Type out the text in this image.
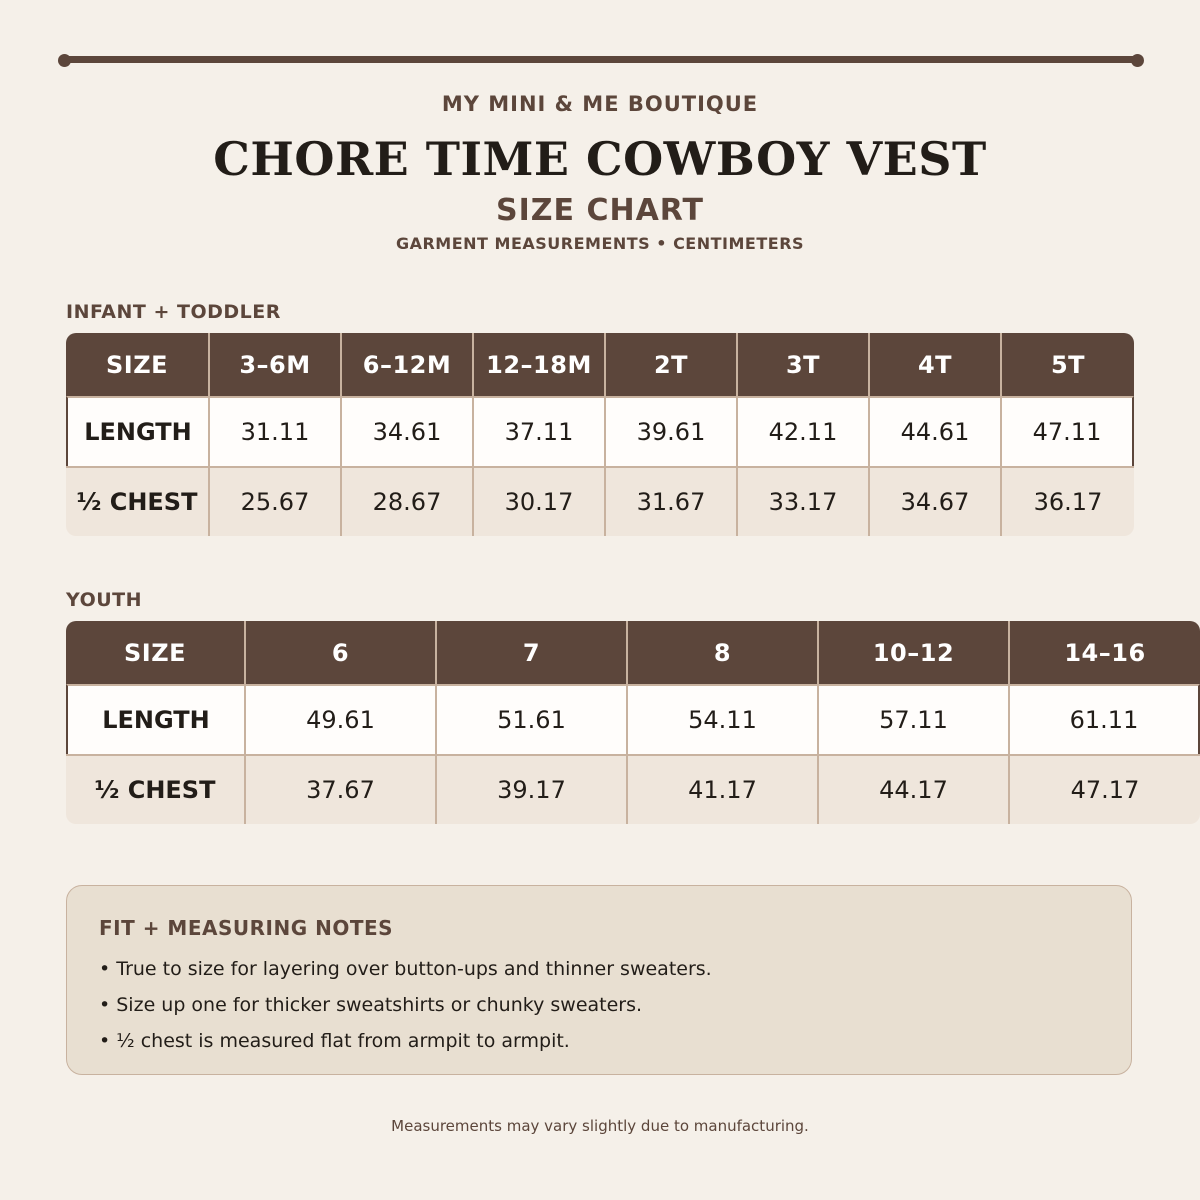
MY MINI & ME BOUTIQUE
CHORE TIME COWBOY VEST
SIZE CHART
GARMENT MEASUREMENTS • CENTIMETERS
INFANT + TODDLER
SIZE	3–6M	6–12M	12–18M	2T	3T	4T	5T
LENGTH	31.11	34.61	37.11	39.61	42.11	44.61	47.11
½ CHEST	25.67	28.67	30.17	31.67	33.17	34.67	36.17
YOUTH
SIZE	6	7	8	10–12	14–16
LENGTH	49.61	51.61	54.11	57.11	61.11
½ CHEST	37.67	39.17	41.17	44.17	47.17
FIT + MEASURING NOTES
• True to size for layering over button-ups and thinner sweaters.
• Size up one for thicker sweatshirts or chunky sweaters.
• ½ chest is measured flat from armpit to armpit.
Measurements may vary slightly due to manufacturing.
